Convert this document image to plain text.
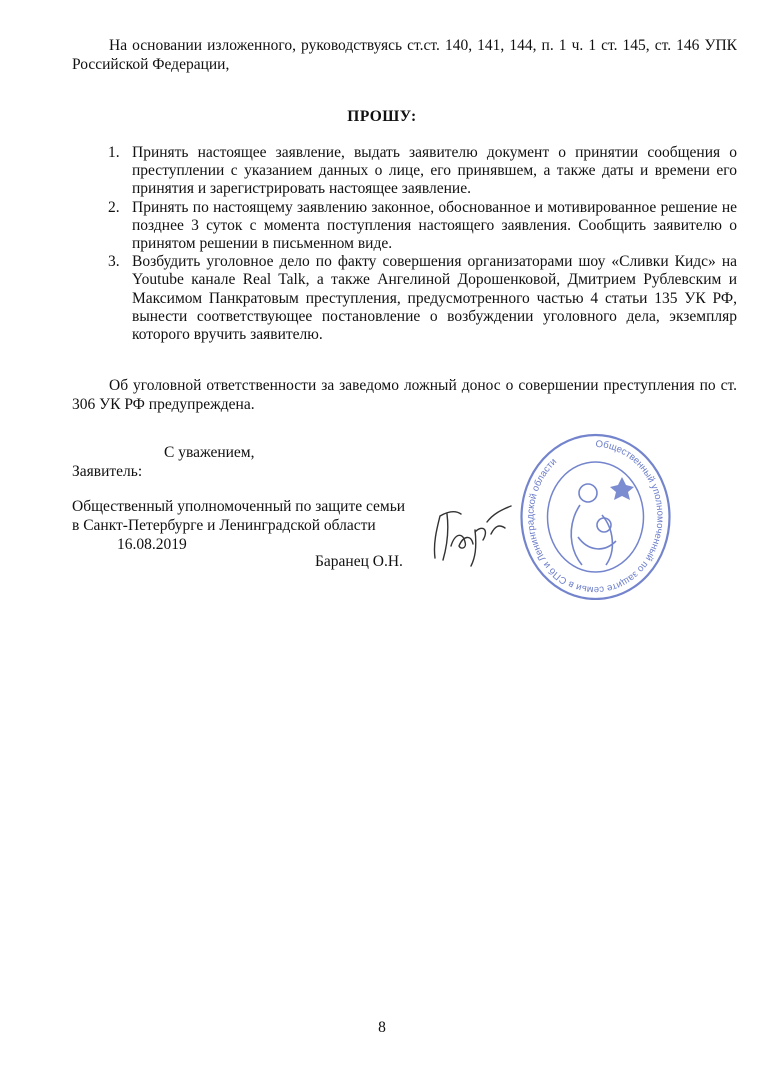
На основании изложенного, руководствуясь ст.ст. 140, 141, 144, п. 1 ч. 1 ст. 145, ст. 146 УПК Российской Федерации,

ПРОШУ:
1. Принять настоящее заявление, выдать заявителю документ о принятии сообщения о преступлении с указанием данных о лице, его принявшем, а также даты и времени его принятия и зарегистрировать настоящее заявление.
2. Принять по настоящему заявлению законное, обоснованное и мотивированное решение не позднее 3 суток с момента поступления настоящего заявления. Сообщить заявителю о принятом решении в письменном виде.
3. Возбудить уголовное дело по факту совершения организаторами шоу «Сливки Кидс» на Youtube канале Real Talk, а также Ангелиной Дорошенковой, Дмитрием Рублевским и Максимом Панкратовым преступления, предусмотренного частью 4 статьи 135 УК РФ, вынести соответствующее постановление о возбуждении уголовного дела, экземпляр которого вручить заявителю.

Об уголовной ответственности за заведомо ложный донос о совершении преступления по ст. 306 УК РФ предупреждена.

С уважением,
Заявитель:
Общественный уполномоченный по защите семьи
в Санкт-Петербурге и Ленинградской области
16.08.2019
Баранец О.Н.
Общественный уполномоченный по защите семьи в СПб и Ленинградской области
8
